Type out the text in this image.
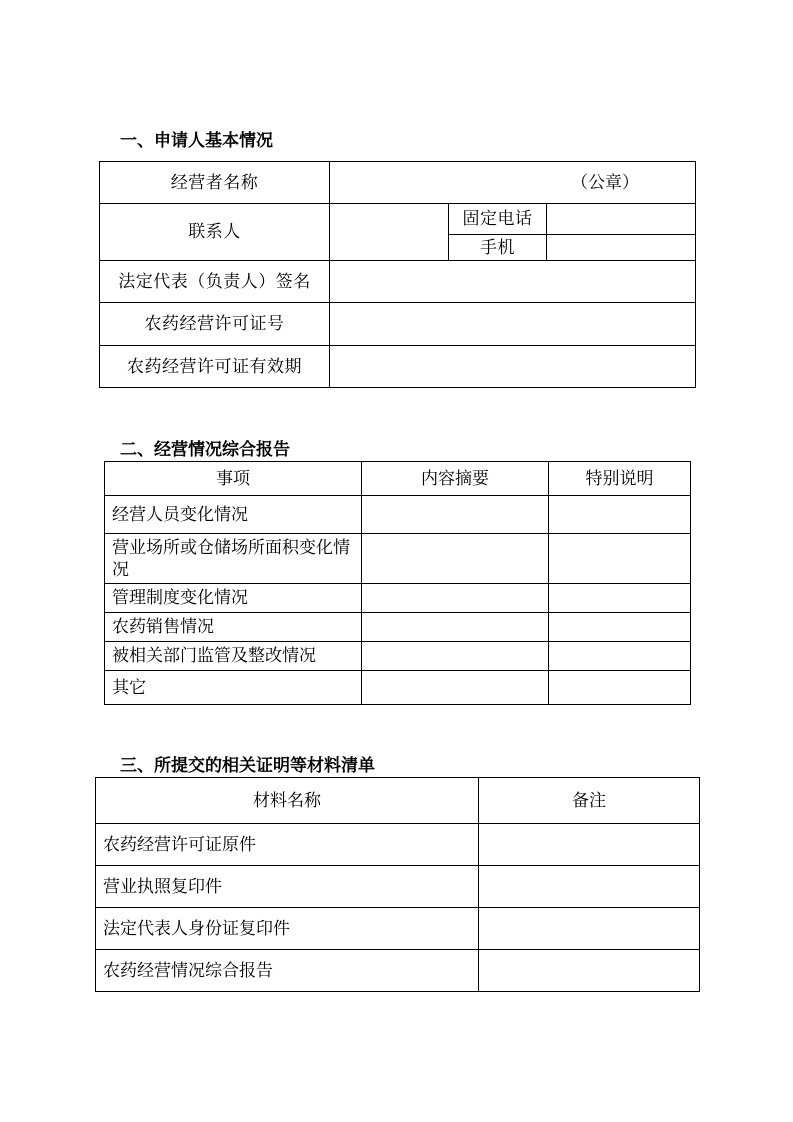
一、申请人基本情况
经营者名称	（公章）		
联系人		固定电话	
		手机	
法定代表（负责人）签名			
农药经营许可证号			
农药经营许可证有效期			
二、经营情况综合报告
事项	内容摘要	特别说明
经营人员变化情况		
营业场所或仓储场所面积变化情况		
管理制度变化情况		
农药销售情况		
被相关部门监管及整改情况		
其它		
三、所提交的相关证明等材料清单
材料名称	备注
农药经营许可证原件	
营业执照复印件	
法定代表人身份证复印件	
农药经营情况综合报告	
